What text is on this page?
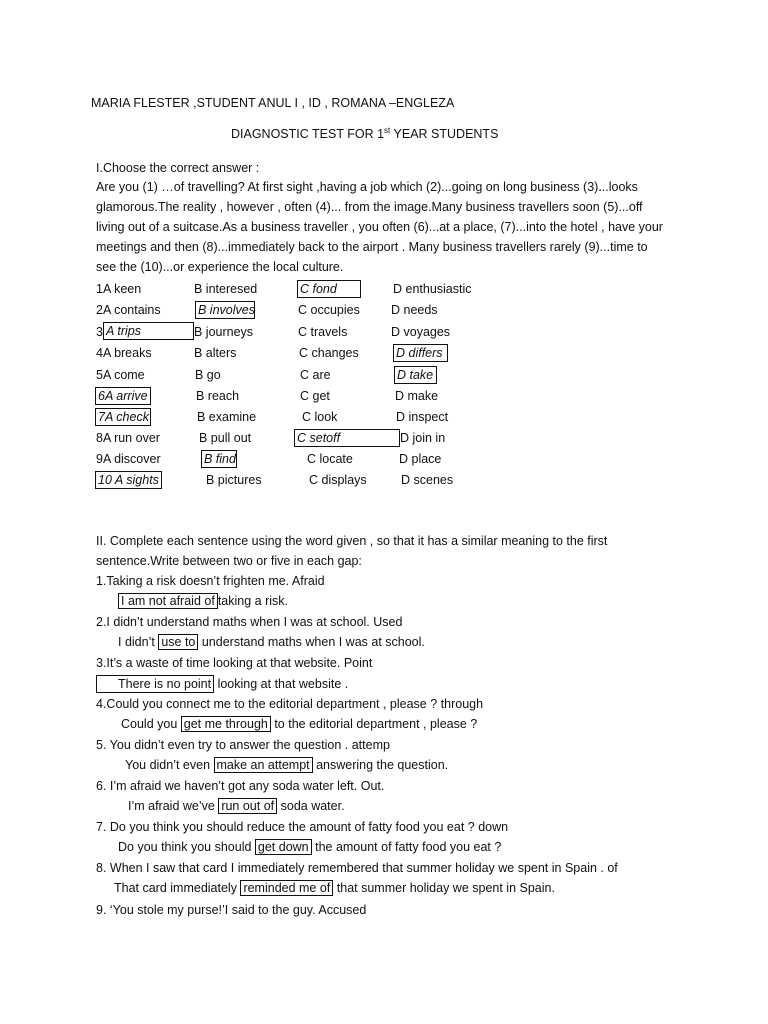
MARIA FLESTER ,STUDENT ANUL I , ID , ROMANA –ENGLEZA
DIAGNOSTIC TEST FOR 1st YEAR STUDENTS
I.Choose the correct answer :
Are you (1) …of travelling? At first sight ,having a job which (2)...going on long business (3)...looks
glamorous.The reality , however , often (4)... from the image.Many business travellers soon (5)...off
living out of a suitcase.As a business traveller , you often (6)...at a place, (7)...into the hotel , have your
meetings and then (8)...immediately back to the airport . Many business travellers rarely (9)...time to
see the (10)...or experience the local culture.
1A keen	B interesed	C fond	D enthusiastic
2A contains	B involves	C occupies D needs
3 A trips	B journeys	C travels	D voyages
4A breaks	B alters	C changes	D differs
5A come	B go	C are	D take
6A arrive	B reach	C get	D make
7A check	B examine	C look	D inspect
8A run over	B pull out	C setoff	D join in
9A discover	B find	C locate	D place
10 A sights	B pictures	C displays	D scenes
II. Complete each sentence using the word given , so that it has a similar meaning to the first
sentence.Write between two or five in each gap:
1.Taking a risk doesn’t frighten me. Afraid
I am not afraid of taking a risk.
2.I didn’t understand maths when I was at school. Used
I didn’t use to understand maths when I was at school.
3.It’s a waste of time looking at that website. Point
There is no point looking at that website .
4.Could you connect me to the editorial department , please ? through
Could you get me through to the editorial department , please ?
5. You didn’t even try to answer the question . attemp
You didn’t even make an attempt answering the question.
6. I’m afraid we haven’t got any soda water left. Out.
I’m afraid we’ve run out of soda water.
7. Do you think you should reduce the amount of fatty food you eat ? down
Do you think you should get down the amount of fatty food you eat ?
8. When I saw that card I immediately remembered that summer holiday we spent in Spain . of
That card immediately reminded me of that summer holiday we spent in Spain.
9. ‘You stole my purse!’I said to the guy. Accused
